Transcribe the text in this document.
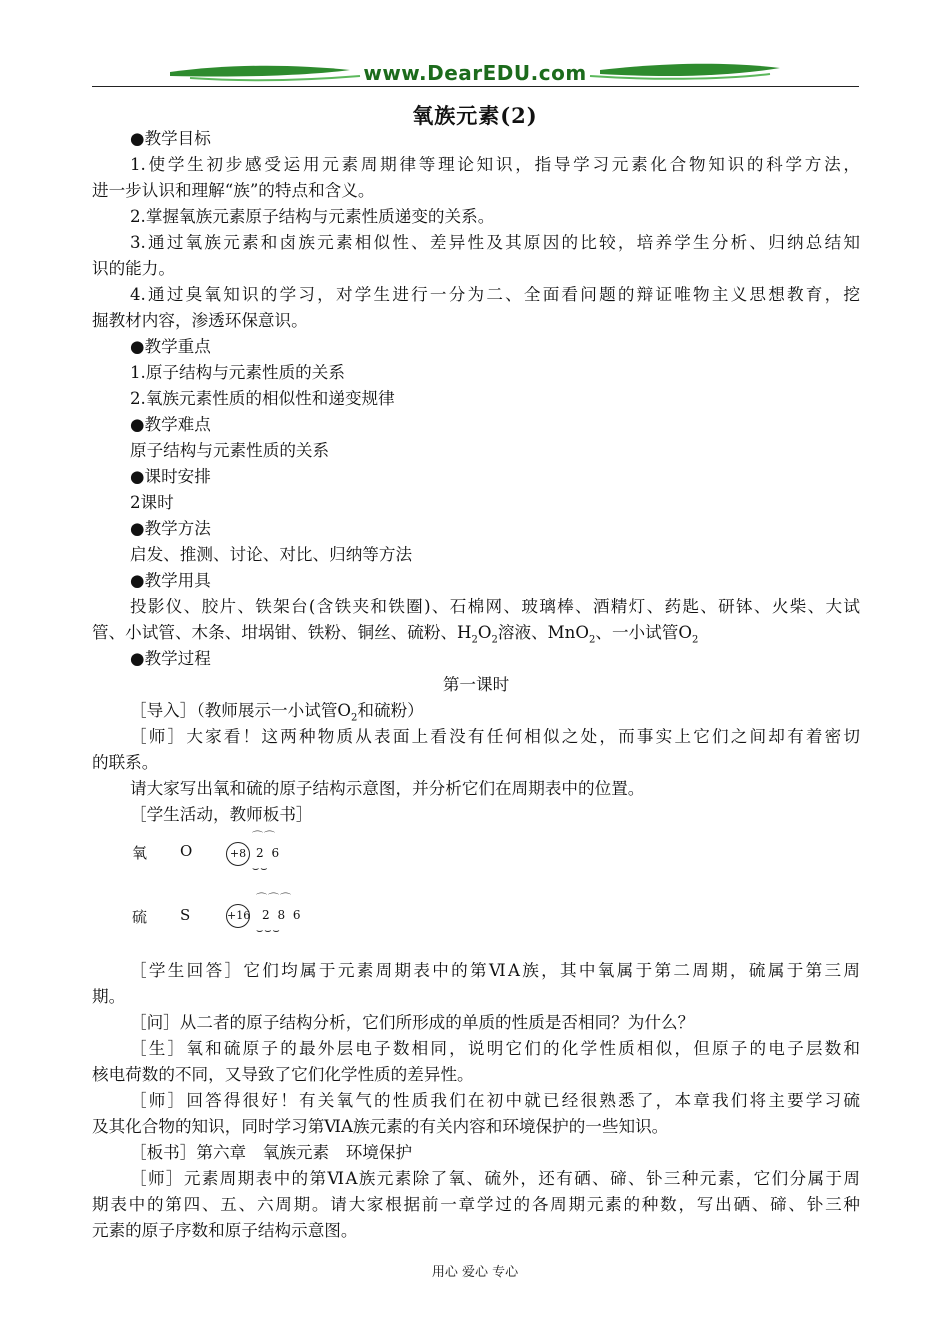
www.DearEDU.com
氧族元素(2)
●教学目标
1.使学生初步感受运用元素周期律等理论知识，指导学习元素化合物知识的科学方法，
进一步认识和理解“族”的特点和含义。
2.掌握氧族元素原子结构与元素性质递变的关系。
3.通过氧族元素和卤族元素相似性、差异性及其原因的比较，培养学生分析、归纳总结知
识的能力。
4.通过臭氧知识的学习，对学生进行一分为二、全面看问题的辩证唯物主义思想教育，挖
掘教材内容，渗透环保意识。
●教学重点
1.原子结构与元素性质的关系
2.氧族元素性质的相似性和递变规律
●教学难点
原子结构与元素性质的关系
●课时安排
2课时
●教学方法
启发、推测、讨论、对比、归纳等方法
●教学用具
投影仪、胶片、铁架台(含铁夹和铁圈)、石棉网、玻璃棒、酒精灯、药匙、研钵、火柴、大试
管、小试管、木条、坩埚钳、铁粉、铜丝、硫粉、$H_2O_2$溶液、MnO$_2$、一小试管$O_2$
●教学过程
第一课时
［导入］（教师展示一小试管$O_2$和硫粉）
［师］大家看！这两种物质从表面上看没有任何相似之处，而事实上它们之间却有着密切
的联系。
请大家写出氧和硫的原子结构示意图，并分析它们在周期表中的位置。
［学生活动，教师板书］
［学生回答］它们均属于元素周期表中的第ⅥA族，其中氧属于第二周期，硫属于第三周
期。
［问］从二者的原子结构分析，它们所形成的单质的性质是否相同？为什么？
［生］氧和硫原子的最外层电子数相同，说明它们的化学性质相似，但原子的电子层数和
核电荷数的不同，又导致了它们化学性质的差异性。
［师］回答得很好！有关氧气的性质我们在初中就已经很熟悉了，本章我们将主要学习硫
及其化合物的知识，同时学习第ⅥA族元素的有关内容和环境保护的一些知识。
［板书］第六章　氧族元素　环境保护
［师］元素周期表中的第ⅥA族元素除了氧、硫外，还有硒、碲、钋三种元素，它们分属于周
期表中的第四、五、六周期。请大家根据前一章学过的各周期元素的种数，写出硒、碲、钋三种
元素的原子序数和原子结构示意图。
氧 O
⌒⌒
+8 2 6
⌣⌣
⌒⌒⌒
硫 S	+16 2 8 6
⌣⌣⌣
用心 爱心 专心
